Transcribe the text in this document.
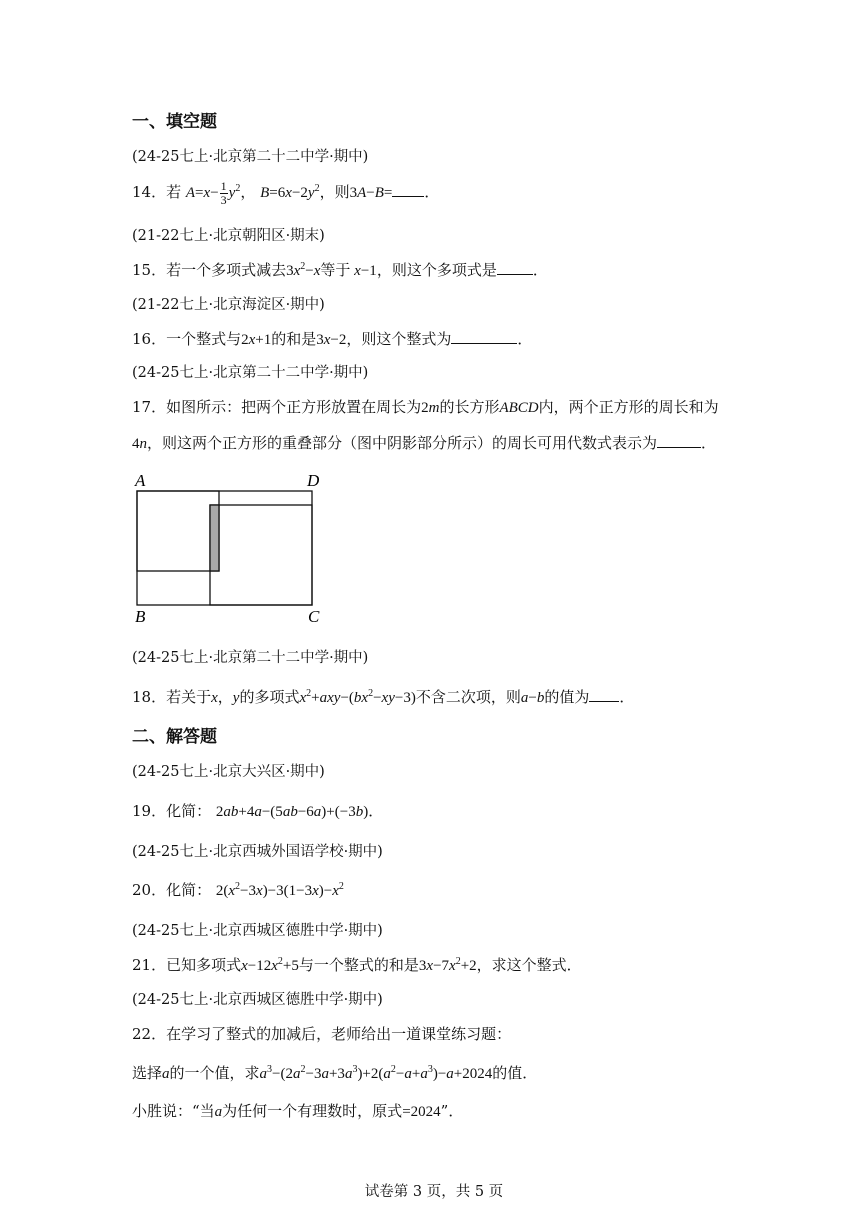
一、填空题
(24-25七上·北京第二十二中学·期中)
14．若 $A=x- \frac{1}{3} y^2$， $B=6x-2y^2$，则3A−B= ．
(21-22七上·北京朝阳区·期末)
15．若一个多项式减去$3x^2-x$等于 x−1，则这个多项式是 ．
(21-22七上·北京海淀区·期中)
16．一个整式与2x+1的和是3x−2，则这个整式为	．
(24-25七上·北京第二十二中学·期中)
17．如图所示：把两个正方形放置在周长为2m的长方形ABCD内，两个正方形的周长和为
4n，则这两个正方形的重叠部分（图中阴影部分所示）的周长可用代数式表示为	．
A	D
B	C
(24-25七上·北京第二十二中学·期中)
18．若关于x，y的多项式$x^2+axy-(bx^2-xy-3)$不含二次项，则a−b的值为 ．
二、解答题
(24-25七上·北京大兴区·期中)
19．化简： 2ab+4a−(5ab−6a)+(−3b)．
(24-25七上·北京西城外国语学校·期中)
20．化简： $2(x^2-3x)-3(1-3x)-x^2$
(24-25七上·北京西城区德胜中学·期中)
21．已知多项式$x-12x^2+5$与一个整式的和是$3x-7x^2+2$，求这个整式．
(24-25七上·北京西城区德胜中学·期中)
22．在学习了整式的加减后，老师给出一道课堂练习题：
选择a的一个值，求$a^3-(2a^2-3a+3a^3)+2(a^2-a+a^3)-a+2024$的值．
小胜说：“当a为任何一个有理数时，原式=2024”．
试卷第 3 页，共 5 页
